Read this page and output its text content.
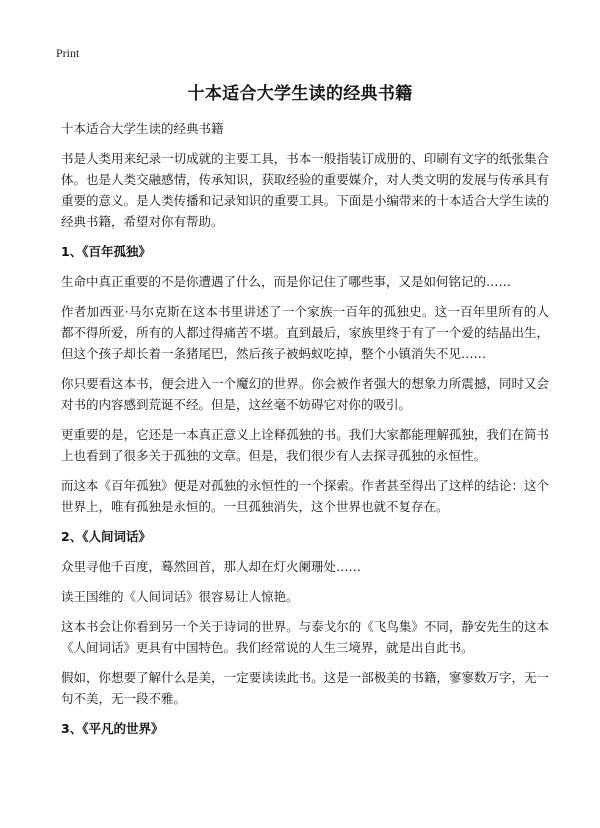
Print
十本适合大学生读的经典书籍

十本适合大学生读的经典书籍

书是人类用来纪录一切成就的主要工具，书本一般指装订成册的、印刷有文字的纸张集合体。也是人类交融感情，传承知识，获取经验的重要媒介，对人类文明的发展与传承具有重要的意义。是人类传播和记录知识的重要工具。下面是小编带来的十本适合大学生读的经典书籍，希望对你有帮助。

1、《百年孤独》

生命中真正重要的不是你遭遇了什么，而是你记住了哪些事，又是如何铭记的……

作者加西亚·马尔克斯在这本书里讲述了一个家族一百年的孤独史。这一百年里所有的人都不得所爱，所有的人都过得痛苦不堪。直到最后，家族里终于有了一个爱的结晶出生，但这个孩子却长着一条猪尾巴，然后孩子被蚂蚁吃掉，整个小镇消失不见……

你只要看这本书，便会进入一个魔幻的世界。你会被作者强大的想象力所震撼，同时又会对书的内容感到荒诞不经。但是，这丝毫不妨碍它对你的吸引。

更重要的是，它还是一本真正意义上诠释孤独的书。我们大家都能理解孤独，我们在简书上也看到了很多关于孤独的文章。但是，我们很少有人去探寻孤独的永恒性。

而这本《百年孤独》便是对孤独的永恒性的一个探索。作者甚至得出了这样的结论：这个世界上，唯有孤独是永恒的。一旦孤独消失，这个世界也就不复存在。

2、《人间词话》

众里寻他千百度，蓦然回首，那人却在灯火阑珊处……

读王国维的《人间词话》很容易让人惊艳。

这本书会让你看到另一个关于诗词的世界。与泰戈尔的《飞鸟集》不同，静安先生的这本《人间词话》更具有中国特色。我们经常说的人生三境界，就是出自此书。

假如，你想要了解什么是美，一定要读读此书。这是一部极美的书籍，寥寥数万字，无一句不美，无一段不雅。

3、《平凡的世界》
